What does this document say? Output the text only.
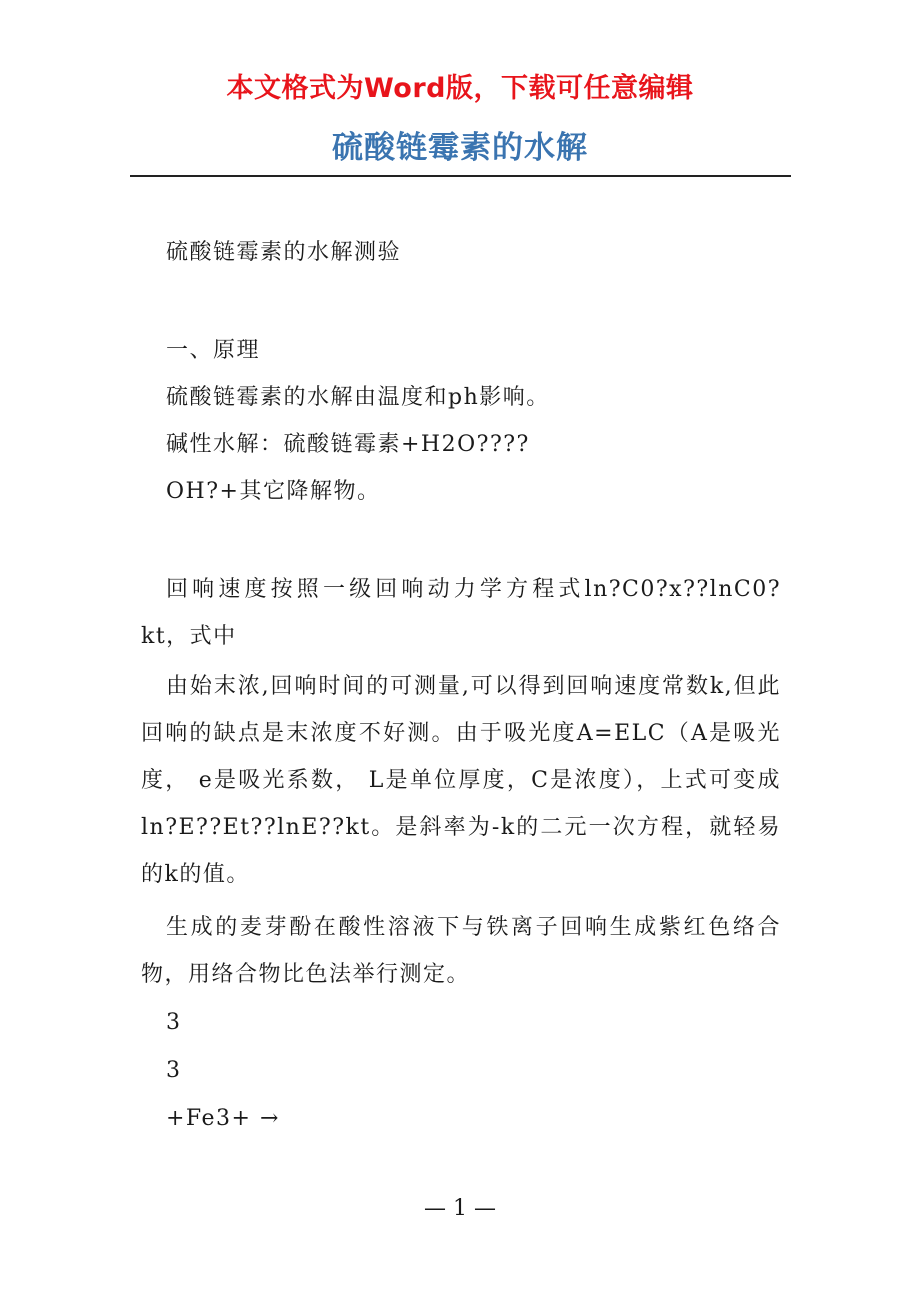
本文格式为Word版，下载可任意编辑
硫酸链霉素的水解

硫酸链霉素的水解测验

一、原理

硫酸链霉素的水解由温度和ph影响。

碱性水解：硫酸链霉素+H2O????

OH?+其它降解物。

回响速度按照一级回响动力学方程式ln?C0?x??lnC0?kt，式中

由始末浓,回响时间的可测量,可以得到回响速度常数k,但此回响的缺点是末浓度不好测。由于吸光度A=ELC（A是吸光度， e是吸光系数， L是单位厚度，C是浓度），上式可变成ln?E??Et??lnE??kt。是斜率为-k的二元一次方程，就轻易的k的值。

生成的麦芽酚在酸性溶液下与铁离子回响生成紫红色络合物，用络合物比色法举行测定。

3

3

+Fe3+ →

— 1 —
